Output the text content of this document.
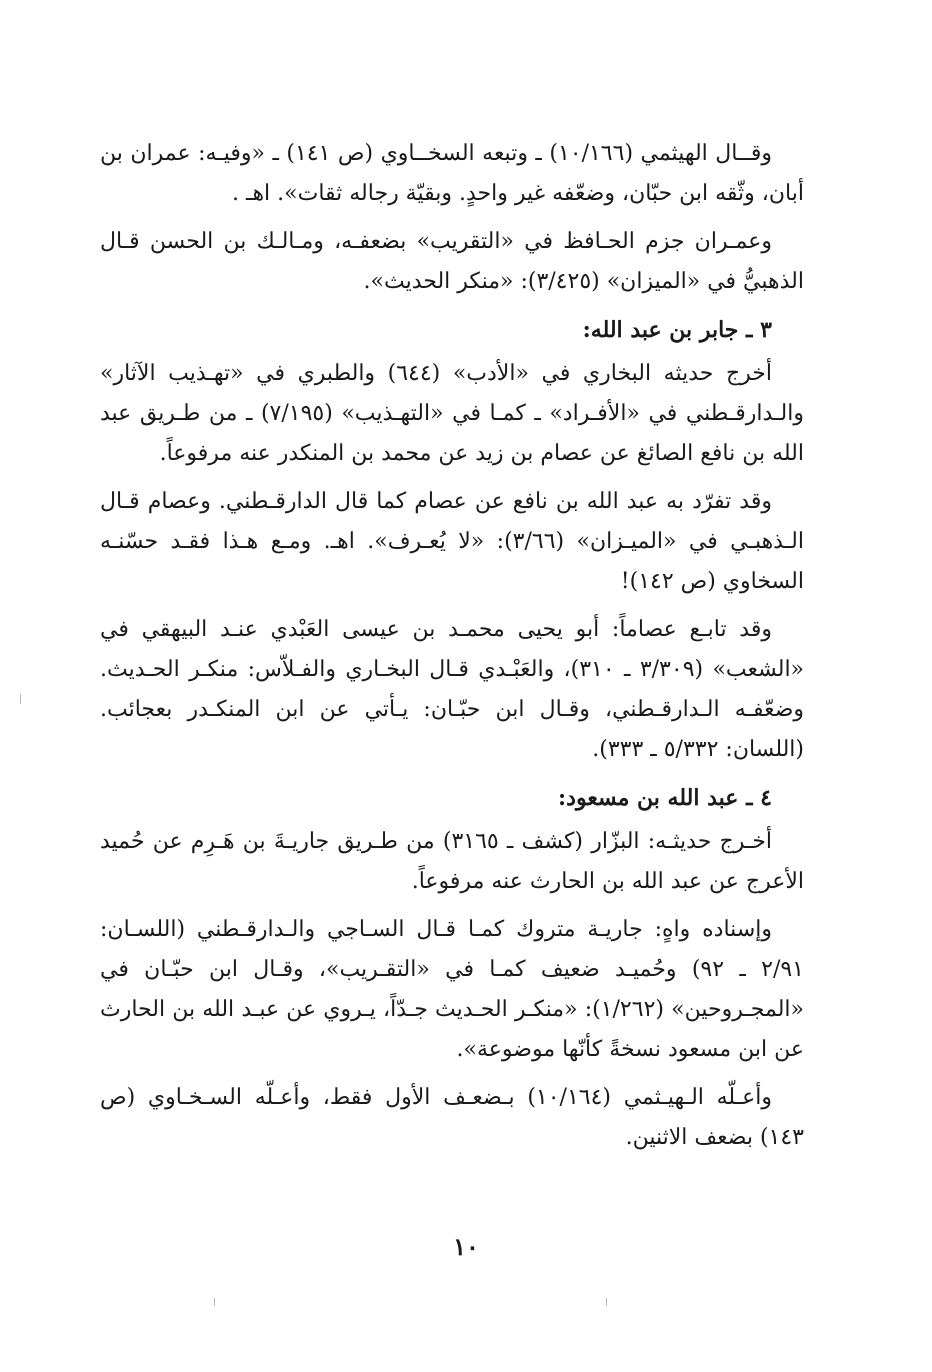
وقــال الهيثمي (١٠/١٦٦) ـ وتبعه السخــاوي (ص ١٤١) ـ «وفيـه: عمران بن أبان، وثّقه ابن حبّان، وضعّفه غير واحدٍ. وبقيّة رجاله ثقات». اهـ .

وعمـران جزم الحـافظ في «التقريب» بضعفـه، ومـالـك بن الحسن قـال الذهبيُّ في «الميزان» (٣/٤٢٥): «منكر الحديث».

٣ ـ جابر بن عبد الله:

أخرج حديثه البخاري في «الأدب» (٦٤٤) والطبري في «تهـذيب الآثار» والـدارقـطني في «الأفـراد» ـ كمـا في «التهـذيب» (٧/١٩٥) ـ من طـريق عبد الله بن نافع الصائغ عن عصام بن زيد عن محمد بن المنكدر عنه مرفوعاً.

وقد تفرّد به عبد الله بن نافع عن عصام كما قال الدارقـطني. وعصام قـال الـذهبـي في «الميـزان» (٣/٦٦): «لا يُعـرف». اهـ. ومـع هـذا فقـد حسّنـه السخاوي (ص ١٤٢)!

وقد تابـع عصاماً: أبو يحيى محمـد بن عيسى العَبْدي عنـد البيهقي في «الشعب» (٣/٣٠٩ ـ ٣١٠)، والعَبْـدي قـال البخـاري والفـلاّس: منكـر الحـديث. وضعّفـه الـدارقـطني، وقـال ابن حبّـان: يـأتي عن ابن المنكـدر بعجائب. (اللسان: ٥/٣٣٢ ـ ٣٣٣).

٤ ـ عبد الله بن مسعود:

أخـرج حديثـه: البزّار (كشف ـ ٣١٦٥) من طـريق جاريـةَ بن هَـرِم عن حُميد الأعرج عن عبد الله بن الحارث عنه مرفوعاً.

وإسناده واهٍ: جاريـة متروك كمـا قـال السـاجي والـدارقـطني (اللسـان: ٢/٩١ ـ ٩٢) وحُميـد ضعيف كمـا في «التقـريب»، وقـال ابن حبّـان في «المجـروحين» (١/٢٦٢): «منكـر الحـديث جـدّاً، يـروي عن عبـد الله بن الحارث عن ابن مسعود نسخةً كأنّها موضوعة».

وأعـلّه الـهيـثمي (١٠/١٦٤) بـضعـف الأول فقط، وأعـلّه السـخـاوي (ص ١٤٣) بضعف الاثنين.

١٠
